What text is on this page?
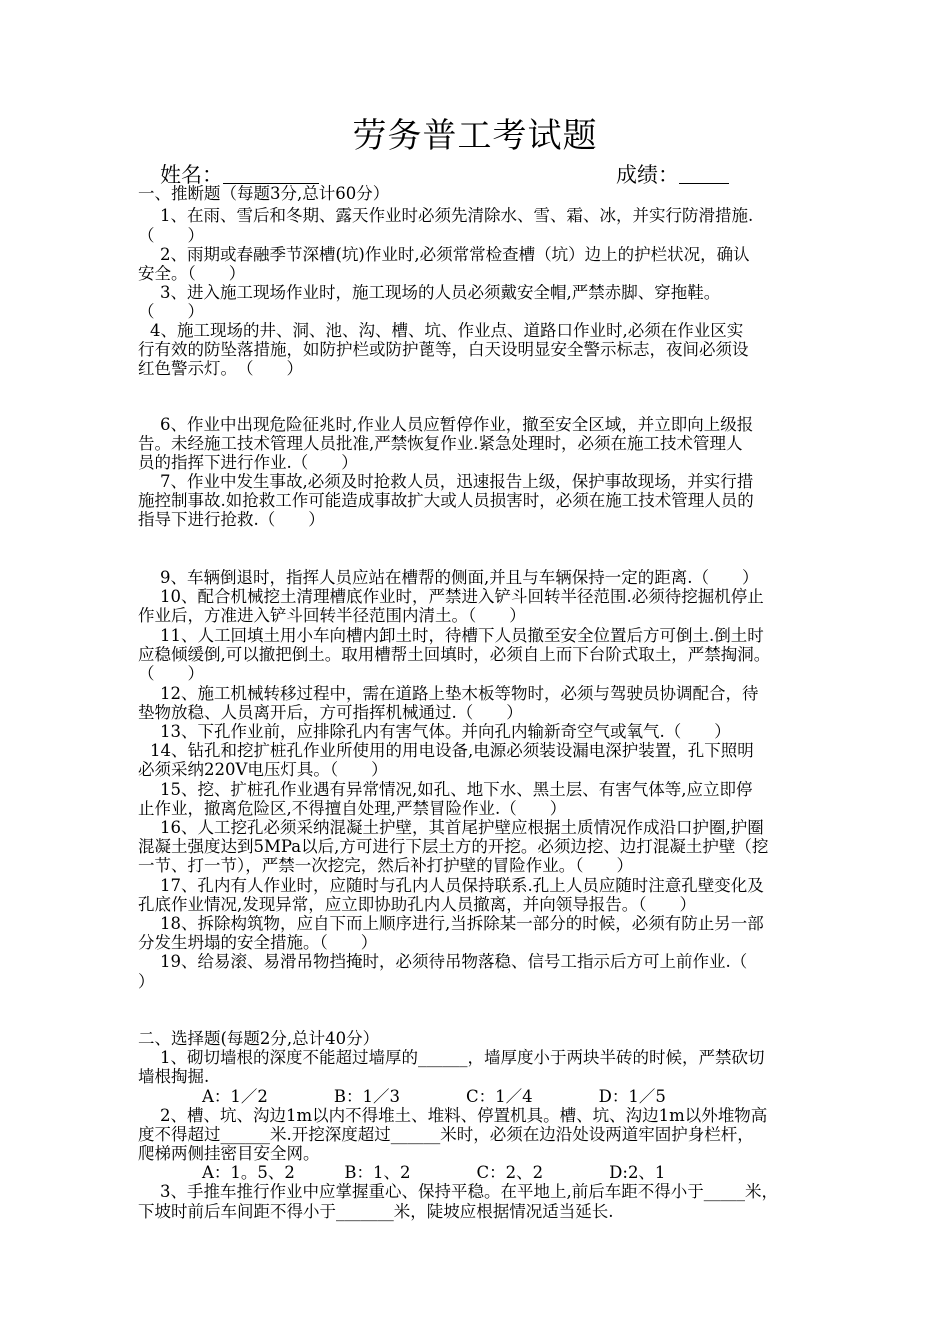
劳务普工考试题
姓名：	成绩：
一、推断题（每题3分,总计60分）
1、在雨、雪后和冬期、露天作业时必须先清除水、雪、霜、冰，并实行防滑措施.
（　　）
2、雨期或春融季节深槽(坑)作业时,必须常常检查槽（坑）边上的护栏状况，确认
安全。（　　）
3、进入施工现场作业时，施工现场的人员必须戴安全帽,严禁赤脚、穿拖鞋。
（　　）
4、施工现场的井、洞、池、沟、槽、坑、作业点、道路口作业时,必须在作业区实
行有效的防坠落措施，如防护栏或防护蓖等，白天设明显安全警示标志，夜间必须设
红色警示灯。　（　　）
6、作业中出现危险征兆时,作业人员应暂停作业，撤至安全区域，并立即向上级报
告。未经施工技术管理人员批准,严禁恢复作业.紧急处理时，必须在施工技术管理人
员的指挥下进行作业.（　　）
7、作业中发生事故,必须及时抢救人员，迅速报告上级，保护事故现场，并实行措
施控制事故.如抢救工作可能造成事故扩大或人员损害时，必须在施工技术管理人员的
指导下进行抢救.（　　）
9、车辆倒退时，指挥人员应站在槽帮的侧面,并且与车辆保持一定的距离.（　　）
10、配合机械挖土清理槽底作业时，严禁进入铲斗回转半径范围.必须待挖掘机停止
作业后，方准进入铲斗回转半径范围内清土。（　　）
11、人工回填土用小车向槽内卸土时，待槽下人员撤至安全位置后方可倒土.倒土时
应稳倾缓倒,可以撤把倒土。取用槽帮土回填时，必须自上而下台阶式取土，严禁掏洞。
（　　）
12、施工机械转移过程中，需在道路上垫木板等物时，必须与驾驶员协调配合，待
垫物放稳、人员离开后，方可指挥机械通过.（　　）
13、下孔作业前，应排除孔内有害气体。并向孔内输新奇空气或氧气.（　　）
14、钻孔和挖扩桩孔作业所使用的用电设备,电源必须装设漏电深护装置，孔下照明
必须采纳220V电压灯具。（　　）
15、挖、扩桩孔作业遇有异常情况,如孔、地下水、黑土层、有害气体等,应立即停
止作业，撤离危险区,不得擅自处理,严禁冒险作业.（　　）
16、人工挖孔必须采纳混凝土护壁，其首尾护壁应根据土质情况作成沿口护圈,护圈
混凝土强度达到5MPa以后,方可进行下层土方的开挖。必须边挖、边打混凝土护壁（挖
一节、打一节），严禁一次挖完，然后补打护壁的冒险作业。（　　）
17、孔内有人作业时，应随时与孔内人员保持联系.孔上人员应随时注意孔壁变化及
孔底作业情况,发现异常，应立即协助孔内人员撤离，并向领导报告。（　　）
18、拆除构筑物，应自下而上顺序进行,当拆除某一部分的时候，必须有防止另一部
分发生坍塌的安全措施。（　　）
19、给易滚、易滑吊物挡掩时，必须待吊物落稳、信号工指示后方可上前作业.（
）
二、选择题(每题2分,总计40分）
1、砌切墙根的深度不能超过墙厚的______，墙厚度小于两块半砖的时候，严禁砍切
墙根掏掘.
A：1／2　　　　B：1／3　　　　C：1／4　　　　D：1／5
2、槽、坑、沟边1m以内不得堆土、堆料、停置机具。槽、坑、沟边1m以外堆物高
度不得超过______米.开挖深度超过______米时，必须在边沿处设两道牢固护身栏杆，
爬梯两侧挂密目安全网。
A：1。5、2　　　B：1、2　　　　C：2、2　　　　D:2、1
3、手推车推行作业中应掌握重心、保持平稳。在平地上,前后车距不得小于_____米，
下坡时前后车间距不得小于_______米，陡坡应根据情况适当延长.
